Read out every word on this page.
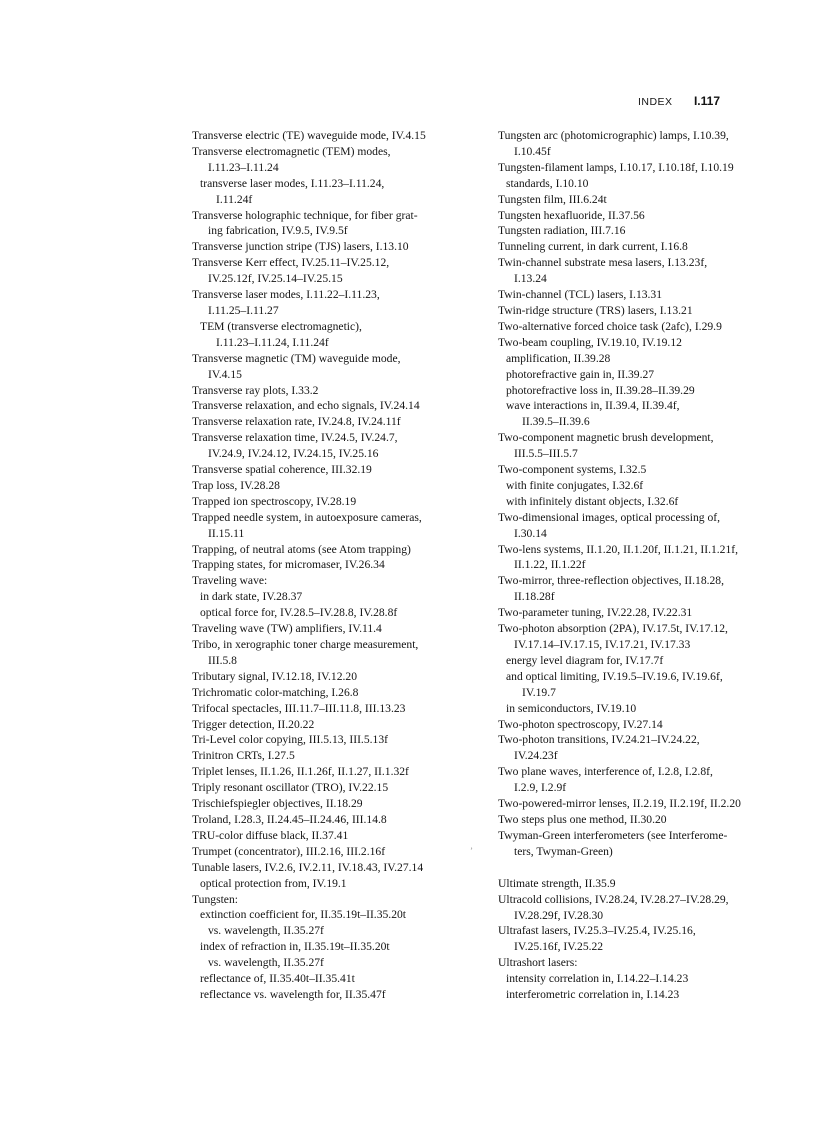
INDEX I.117
Transverse electric (TE) waveguide mode, IV.4.15
Transverse electromagnetic (TEM) modes,
I.11.23–I.11.24
transverse laser modes, I.11.23–I.11.24,
I.11.24f
Transverse holographic technique, for fiber grat-
ing fabrication, IV.9.5, IV.9.5f
Transverse junction stripe (TJS) lasers, I.13.10
Transverse Kerr effect, IV.25.11–IV.25.12,
IV.25.12f, IV.25.14–IV.25.15
Transverse laser modes, I.11.22–I.11.23,
I.11.25–I.11.27
TEM (transverse electromagnetic),
I.11.23–I.11.24, I.11.24f
Transverse magnetic (TM) waveguide mode,
IV.4.15
Transverse ray plots, I.33.2
Transverse relaxation, and echo signals, IV.24.14
Transverse relaxation rate, IV.24.8, IV.24.11f
Transverse relaxation time, IV.24.5, IV.24.7,
IV.24.9, IV.24.12, IV.24.15, IV.25.16
Transverse spatial coherence, III.32.19
Trap loss, IV.28.28
Trapped ion spectroscopy, IV.28.19
Trapped needle system, in autoexposure cameras,
II.15.11
Trapping, of neutral atoms (see Atom trapping)
Trapping states, for micromaser, IV.26.34
Traveling wave:
in dark state, IV.28.37
optical force for, IV.28.5–IV.28.8, IV.28.8f
Traveling wave (TW) amplifiers, IV.11.4
Tribo, in xerographic toner charge measurement,
III.5.8
Tributary signal, IV.12.18, IV.12.20
Trichromatic color-matching, I.26.8
Trifocal spectacles, III.11.7–III.11.8, III.13.23
Trigger detection, II.20.22
Tri-Level color copying, III.5.13, III.5.13f
Trinitron CRTs, I.27.5
Triplet lenses, II.1.26, II.1.26f, II.1.27, II.1.32f
Triply resonant oscillator (TRO), IV.22.15
Trischiefspiegler objectives, II.18.29
Troland, I.28.3, II.24.45–II.24.46, III.14.8
TRU-color diffuse black, II.37.41
Trumpet (concentrator), III.2.16, III.2.16f
Tunable lasers, IV.2.6, IV.2.11, IV.18.43, IV.27.14
optical protection from, IV.19.1
Tungsten:
extinction coefficient for, II.35.19t–II.35.20t
vs. wavelength, II.35.27f
index of refraction in, II.35.19t–II.35.20t
vs. wavelength, II.35.27f
reflectance of, II.35.40t–II.35.41t
reflectance vs. wavelength for, II.35.47f
Tungsten arc (photomicrographic) lamps, I.10.39,
I.10.45f
Tungsten-filament lamps, I.10.17, I.10.18f, I.10.19
standards, I.10.10
Tungsten film, III.6.24t
Tungsten hexafluoride, II.37.56
Tungsten radiation, III.7.16
Tunneling current, in dark current, I.16.8
Twin-channel substrate mesa lasers, I.13.23f,
I.13.24
Twin-channel (TCL) lasers, I.13.31
Twin-ridge structure (TRS) lasers, I.13.21
Two-alternative forced choice task (2afc), I.29.9
Two-beam coupling, IV.19.10, IV.19.12
amplification, II.39.28
photorefractive gain in, II.39.27
photorefractive loss in, II.39.28–II.39.29
wave interactions in, II.39.4, II.39.4f,
II.39.5–II.39.6
Two-component magnetic brush development,
III.5.5–III.5.7
Two-component systems, I.32.5
with finite conjugates, I.32.6f
with infinitely distant objects, I.32.6f
Two-dimensional images, optical processing of,
I.30.14
Two-lens systems, II.1.20, II.1.20f, II.1.21, II.1.21f,
II.1.22, II.1.22f
Two-mirror, three-reflection objectives, II.18.28,
II.18.28f
Two-parameter tuning, IV.22.28, IV.22.31
Two-photon absorption (2PA), IV.17.5t, IV.17.12,
IV.17.14–IV.17.15, IV.17.21, IV.17.33
energy level diagram for, IV.17.7f
and optical limiting, IV.19.5–IV.19.6, IV.19.6f,
IV.19.7
in semiconductors, IV.19.10
Two-photon spectroscopy, IV.27.14
Two-photon transitions, IV.24.21–IV.24.22,
IV.24.23f
Two plane waves, interference of, I.2.8, I.2.8f,
I.2.9, I.2.9f
Two-powered-mirror lenses, II.2.19, II.2.19f, II.2.20
Two steps plus one method, II.30.20
Twyman-Green interferometers (see Interferome-
ters, Twyman-Green)
Ultimate strength, II.35.9
Ultracold collisions, IV.28.24, IV.28.27–IV.28.29,
IV.28.29f, IV.28.30
Ultrafast lasers, IV.25.3–IV.25.4, IV.25.16,
IV.25.16f, IV.25.22
Ultrashort lasers:
intensity correlation in, I.14.22–I.14.23
interferometric correlation in, I.14.23
ʼ
